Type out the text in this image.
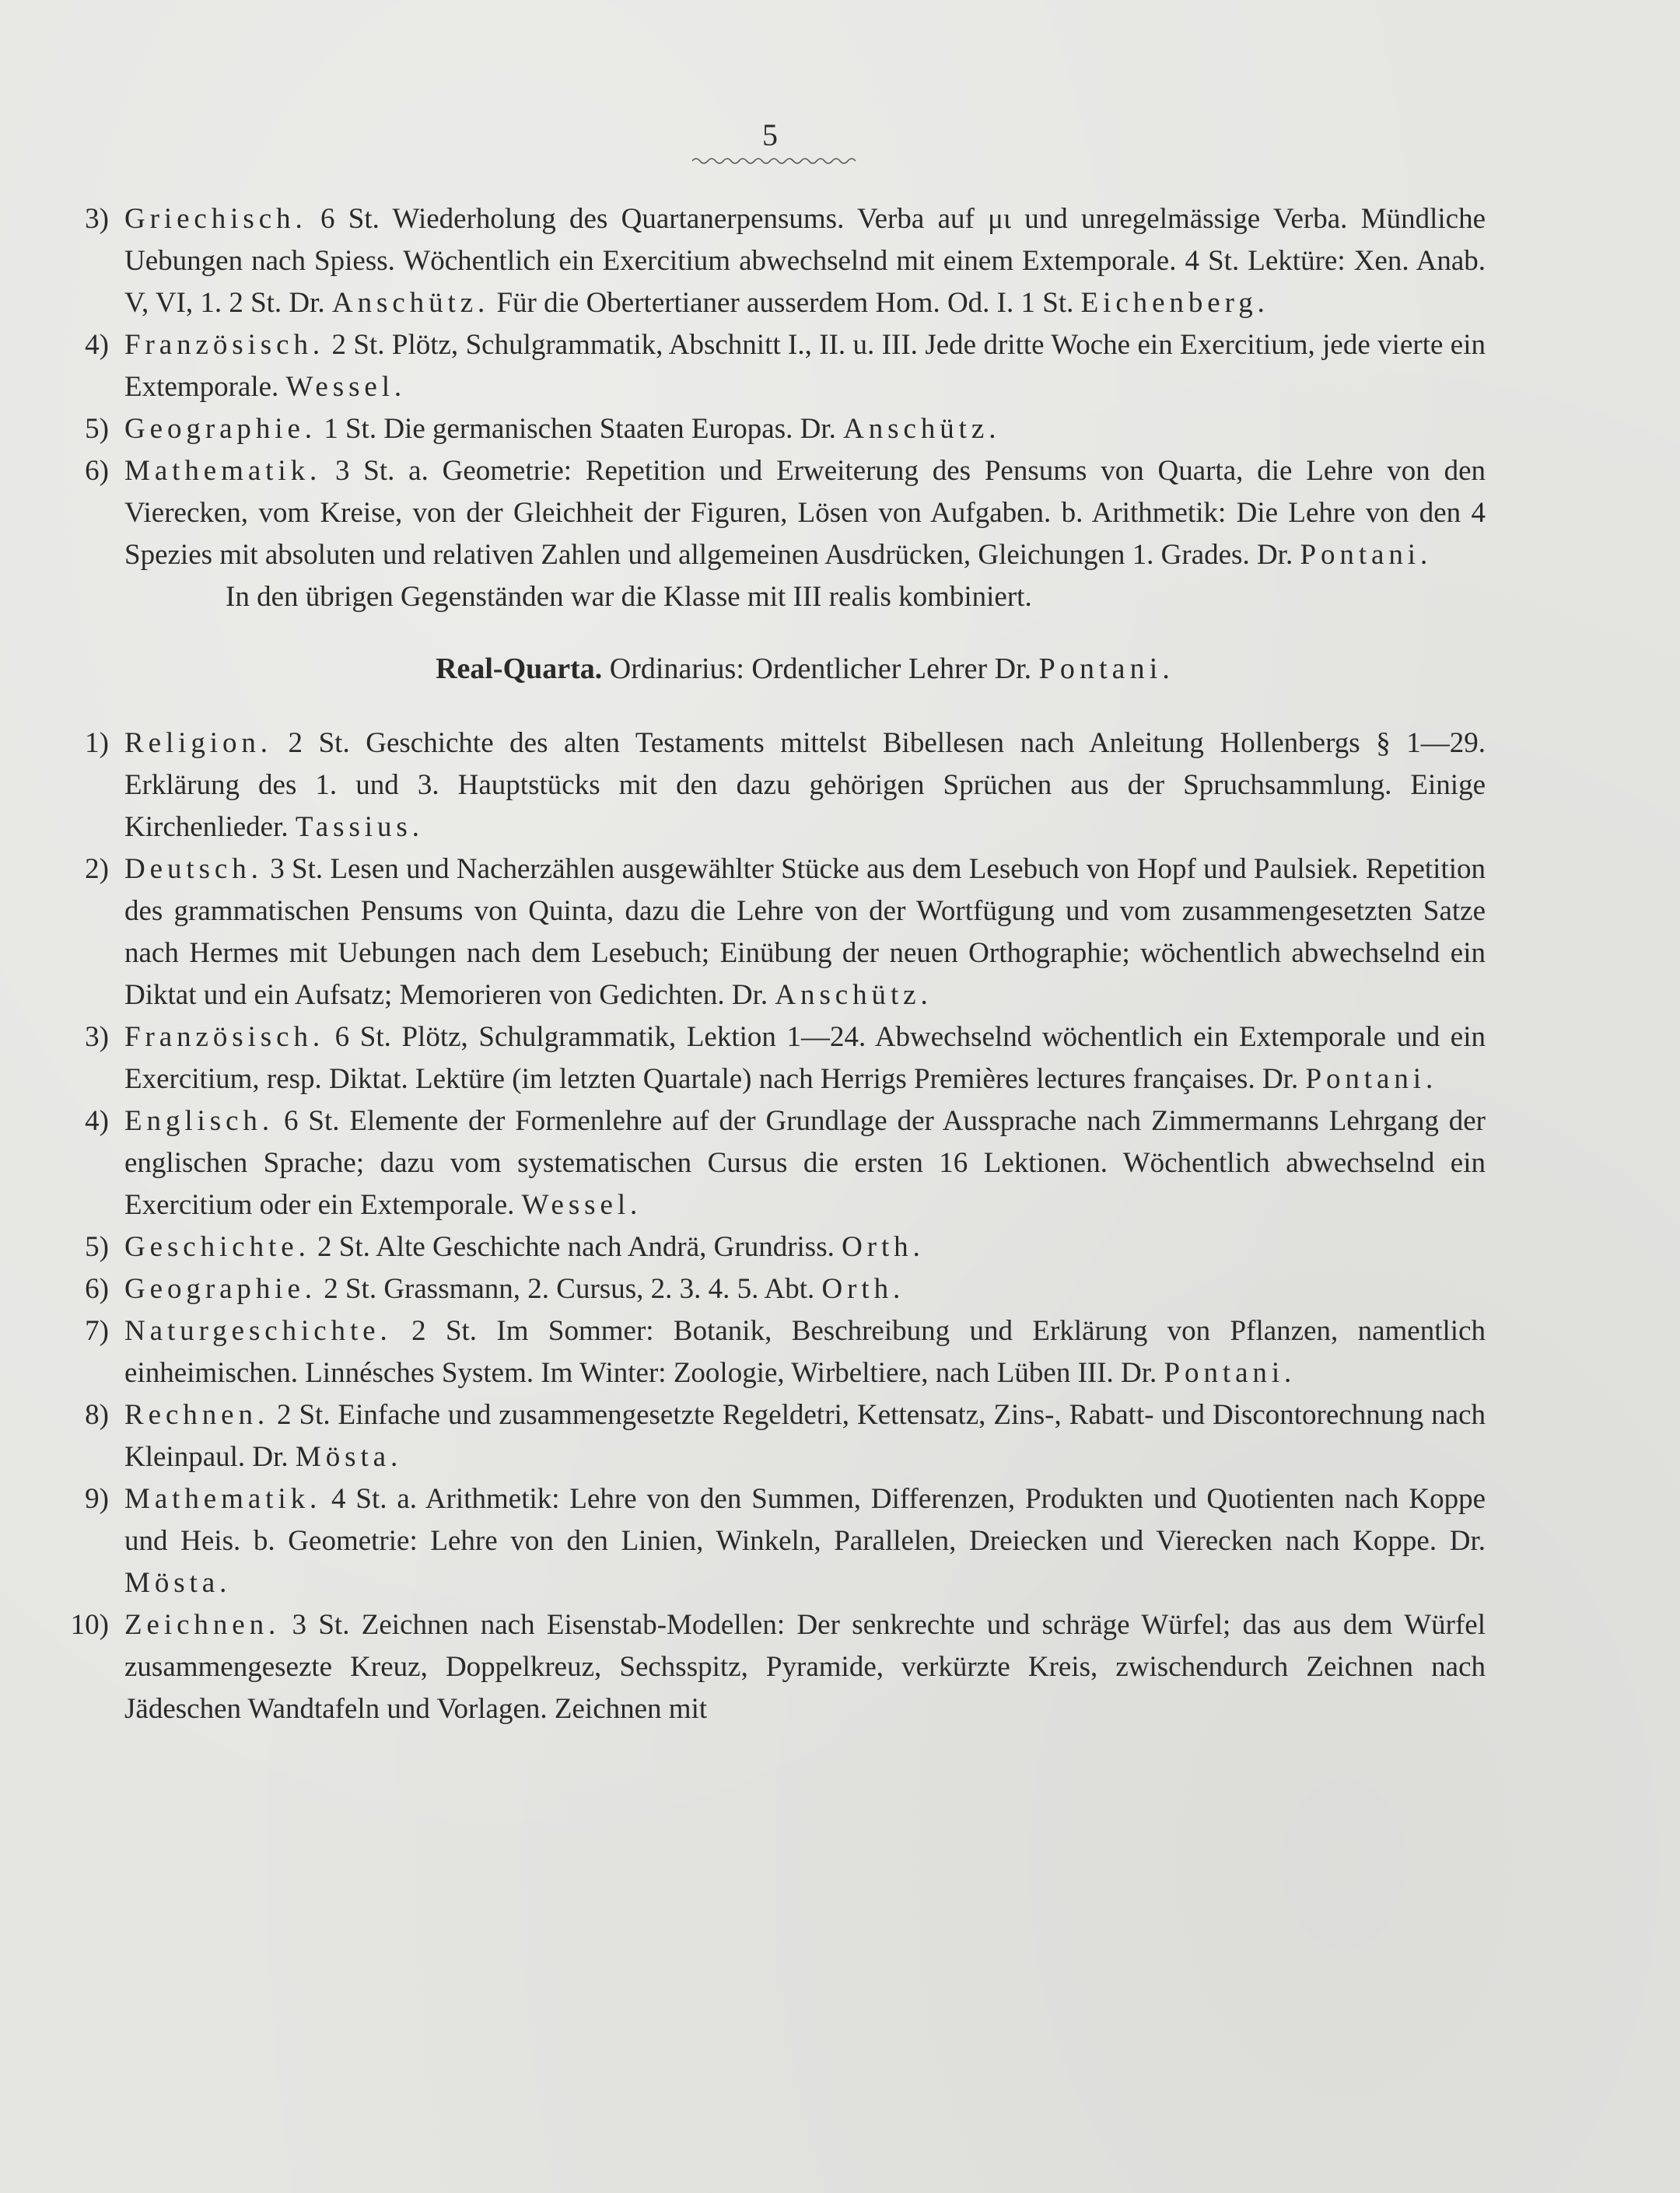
5
3) Griechisch. 6 St. Wiederholung des Quartanerpensums. Verba auf μι und unregelmässige Verba. Mündliche Uebungen nach Spiess. Wöchentlich ein Exercitium abwechselnd mit einem Extemporale. 4 St. Lektüre: Xen. Anab. V, VI, 1. 2 St. Dr. Anschütz. Für die Obertertianer ausserdem Hom. Od. I. 1 St. Eichenberg.
4) Französisch. 2 St. Plötz, Schulgrammatik, Abschnitt I., II. u. III. Jede dritte Woche ein Exercitium, jede vierte ein Extemporale. Wessel.
5) Geographie. 1 St. Die germanischen Staaten Europas. Dr. Anschütz.
6) Mathematik. 3 St. a. Geometrie: Repetition und Erweiterung des Pensums von Quarta, die Lehre von den Vierecken, vom Kreise, von der Gleichheit der Figuren, Lösen von Aufgaben. b. Arithmetik: Die Lehre von den 4 Spezies mit absoluten und relativen Zahlen und allgemeinen Ausdrücken, Gleichungen 1. Grades. Dr. Pontani.
In den übrigen Gegenständen war die Klasse mit III realis kombiniert.
Real-Quarta. Ordinarius: Ordentlicher Lehrer Dr. Pontani.
1) Religion. 2 St. Geschichte des alten Testaments mittelst Bibellesen nach Anleitung Hollenbergs § 1—29. Erklärung des 1. und 3. Hauptstücks mit den dazu gehörigen Sprüchen aus der Spruchsammlung. Einige Kirchenlieder. Tassius.
2) Deutsch. 3 St. Lesen und Nacherzählen ausgewählter Stücke aus dem Lesebuch von Hopf und Paulsiek. Repetition des grammatischen Pensums von Quinta, dazu die Lehre von der Wortfügung und vom zusammengesetzten Satze nach Hermes mit Uebungen nach dem Lesebuch; Einübung der neuen Orthographie; wöchentlich abwechselnd ein Diktat und ein Aufsatz; Memorieren von Gedichten. Dr. Anschütz.
3) Französisch. 6 St. Plötz, Schulgrammatik, Lektion 1—24. Abwechselnd wöchentlich ein Extemporale und ein Exercitium, resp. Diktat. Lektüre (im letzten Quartale) nach Herrigs Premières lectures françaises. Dr. Pontani.
4) Englisch. 6 St. Elemente der Formenlehre auf der Grundlage der Aussprache nach Zimmermanns Lehrgang der englischen Sprache; dazu vom systematischen Cursus die ersten 16 Lektionen. Wöchentlich abwechselnd ein Exercitium oder ein Extemporale. Wessel.
5) Geschichte. 2 St. Alte Geschichte nach Andrä, Grundriss. Orth.
6) Geographie. 2 St. Grassmann, 2. Cursus, 2. 3. 4. 5. Abt. Orth.
7) Naturgeschichte. 2 St. Im Sommer: Botanik, Beschreibung und Erklärung von Pflanzen, namentlich einheimischen. Linnésches System. Im Winter: Zoologie, Wirbeltiere, nach Lüben III. Dr. Pontani.
8) Rechnen. 2 St. Einfache und zusammengesetzte Regeldetri, Kettensatz, Zins-, Rabatt- und Discontorechnung nach Kleinpaul. Dr. Mösta.
9) Mathematik. 4 St. a. Arithmetik: Lehre von den Summen, Differenzen, Produkten und Quotienten nach Koppe und Heis. b. Geometrie: Lehre von den Linien, Winkeln, Parallelen, Dreiecken und Vierecken nach Koppe. Dr. Mösta.
10) Zeichnen. 3 St. Zeichnen nach Eisenstab-Modellen: Der senkrechte und schräge Würfel; das aus dem Würfel zusammengesezte Kreuz, Doppelkreuz, Sechsspitz, Pyramide, verkürzte Kreis, zwischendurch Zeichnen nach Jädeschen Wandtafeln und Vorlagen. Zeichnen mit
